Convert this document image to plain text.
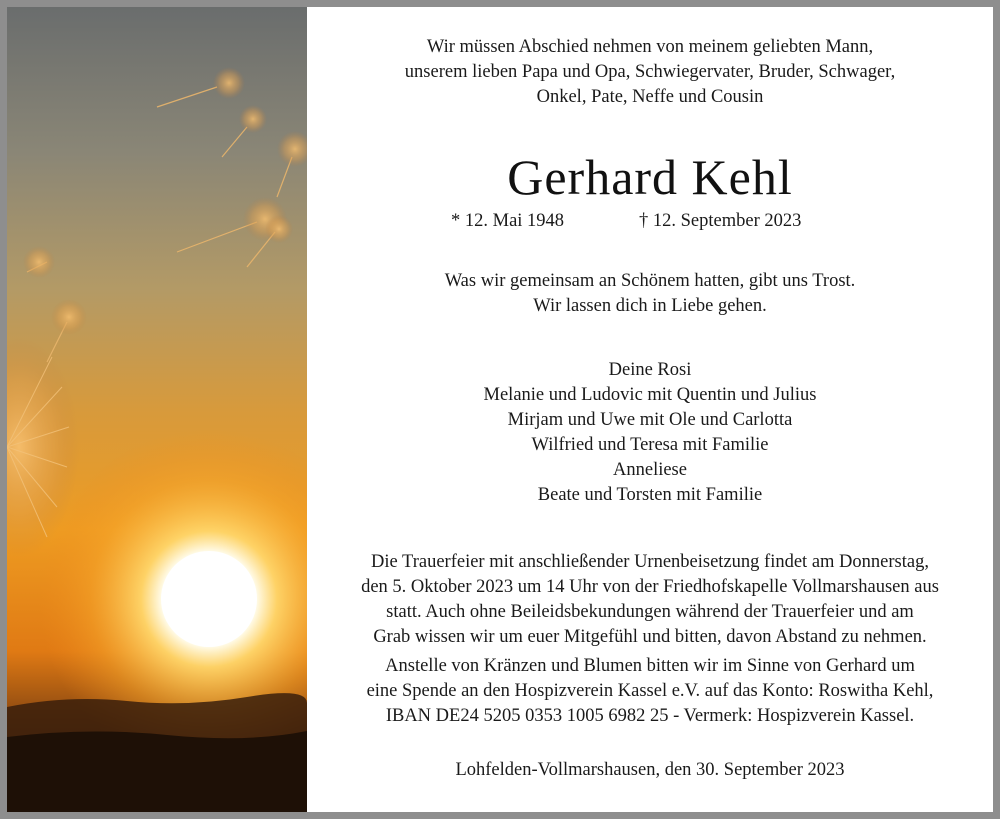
Wir müssen Abschied nehmen von meinem geliebten Mann,
unserem lieben Papa und Opa, Schwiegervater, Bruder, Schwager,
Onkel, Pate, Neffe und Cousin
Gerhard Kehl
* 12. Mai 1948	† 12. September 2023
Was wir gemeinsam an Schönem hatten, gibt uns Trost.
Wir lassen dich in Liebe gehen.
Deine Rosi
Melanie und Ludovic mit Quentin und Julius
Mirjam und Uwe mit Ole und Carlotta
Wilfried und Teresa mit Familie
Anneliese
Beate und Torsten mit Familie
Die Trauerfeier mit anschließender Urnenbeisetzung findet am Donnerstag,
den 5. Oktober 2023 um 14 Uhr von der Friedhofskapelle Vollmarshausen aus
statt. Auch ohne Beileidsbekundungen während der Trauerfeier und am
Grab wissen wir um euer Mitgefühl und bitten, davon Abstand zu nehmen.
Anstelle von Kränzen und Blumen bitten wir im Sinne von Gerhard um
eine Spende an den Hospizverein Kassel e.V. auf das Konto: Roswitha Kehl,
IBAN DE24 5205 0353 1005 6982 25 - Vermerk: Hospizverein Kassel.
Lohfelden-Vollmarshausen, den 30. September 2023
